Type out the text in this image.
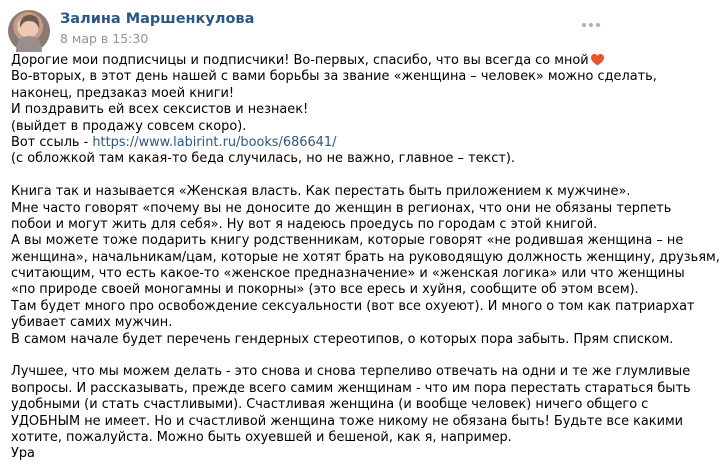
Залина Маршенкулова
8 мар в 15:30
Дорогие мои подписчицы и подписчики! Во-первых, спасибо, что вы всегда со мной
Во-вторых, в этот день нашей с вами борьбы за звание «женщина – человек» можно сделать,
наконец, предзаказ моей книги!
И поздравить ей всех сексистов и незнаек!
(выйдет в продажу совсем скоро).
Вот ссыль - https://www.labirint.ru/books/686641/
(с обложкой там какая-то беда случилась, но не важно, главное – текст).
Книга так и называется «Женская власть. Как перестать быть приложением к мужчине».
Мне часто говорят «почему вы не доносите до женщин в регионах, что они не обязаны терпеть
побои и могут жить для себя». Ну вот я надеюсь проедусь по городам с этой книгой.
А вы можете тоже подарить книгу родственникам, которые говорят «не родившая женщина – не
женщина», начальникам/цам, которые не хотят брать на руководящую должность женщину, друзьям,
считающим, что есть какое-то «женское предназначение» и «женская логика» или что женщины
«по природе своей моногамны и покорны» (это все ересь и хуйня, сообщите об этом всем).
Там будет много про освобождение сексуальности (вот все охуеют). И много о том как патриархат
убивает самих мужчин.
В самом начале будет перечень гендерных стереотипов, о которых пора забыть. Прям списком.
Лучшее, что мы можем делать - это снова и снова терпеливо отвечать на одни и те же глумливые
вопросы. И рассказывать, прежде всего самим женщинам - что им пора перестать стараться быть
удобными (и стать счастливыми). Счастливая женщина (и вообще человек) ничего общего с
УДОБНЫМ не имеет. Но и счастливой женщина тоже никому не обязана быть! Будьте все какими
хотите, пожалуйста. Можно быть охуевшей и бешеной, как я, например.
Ура
